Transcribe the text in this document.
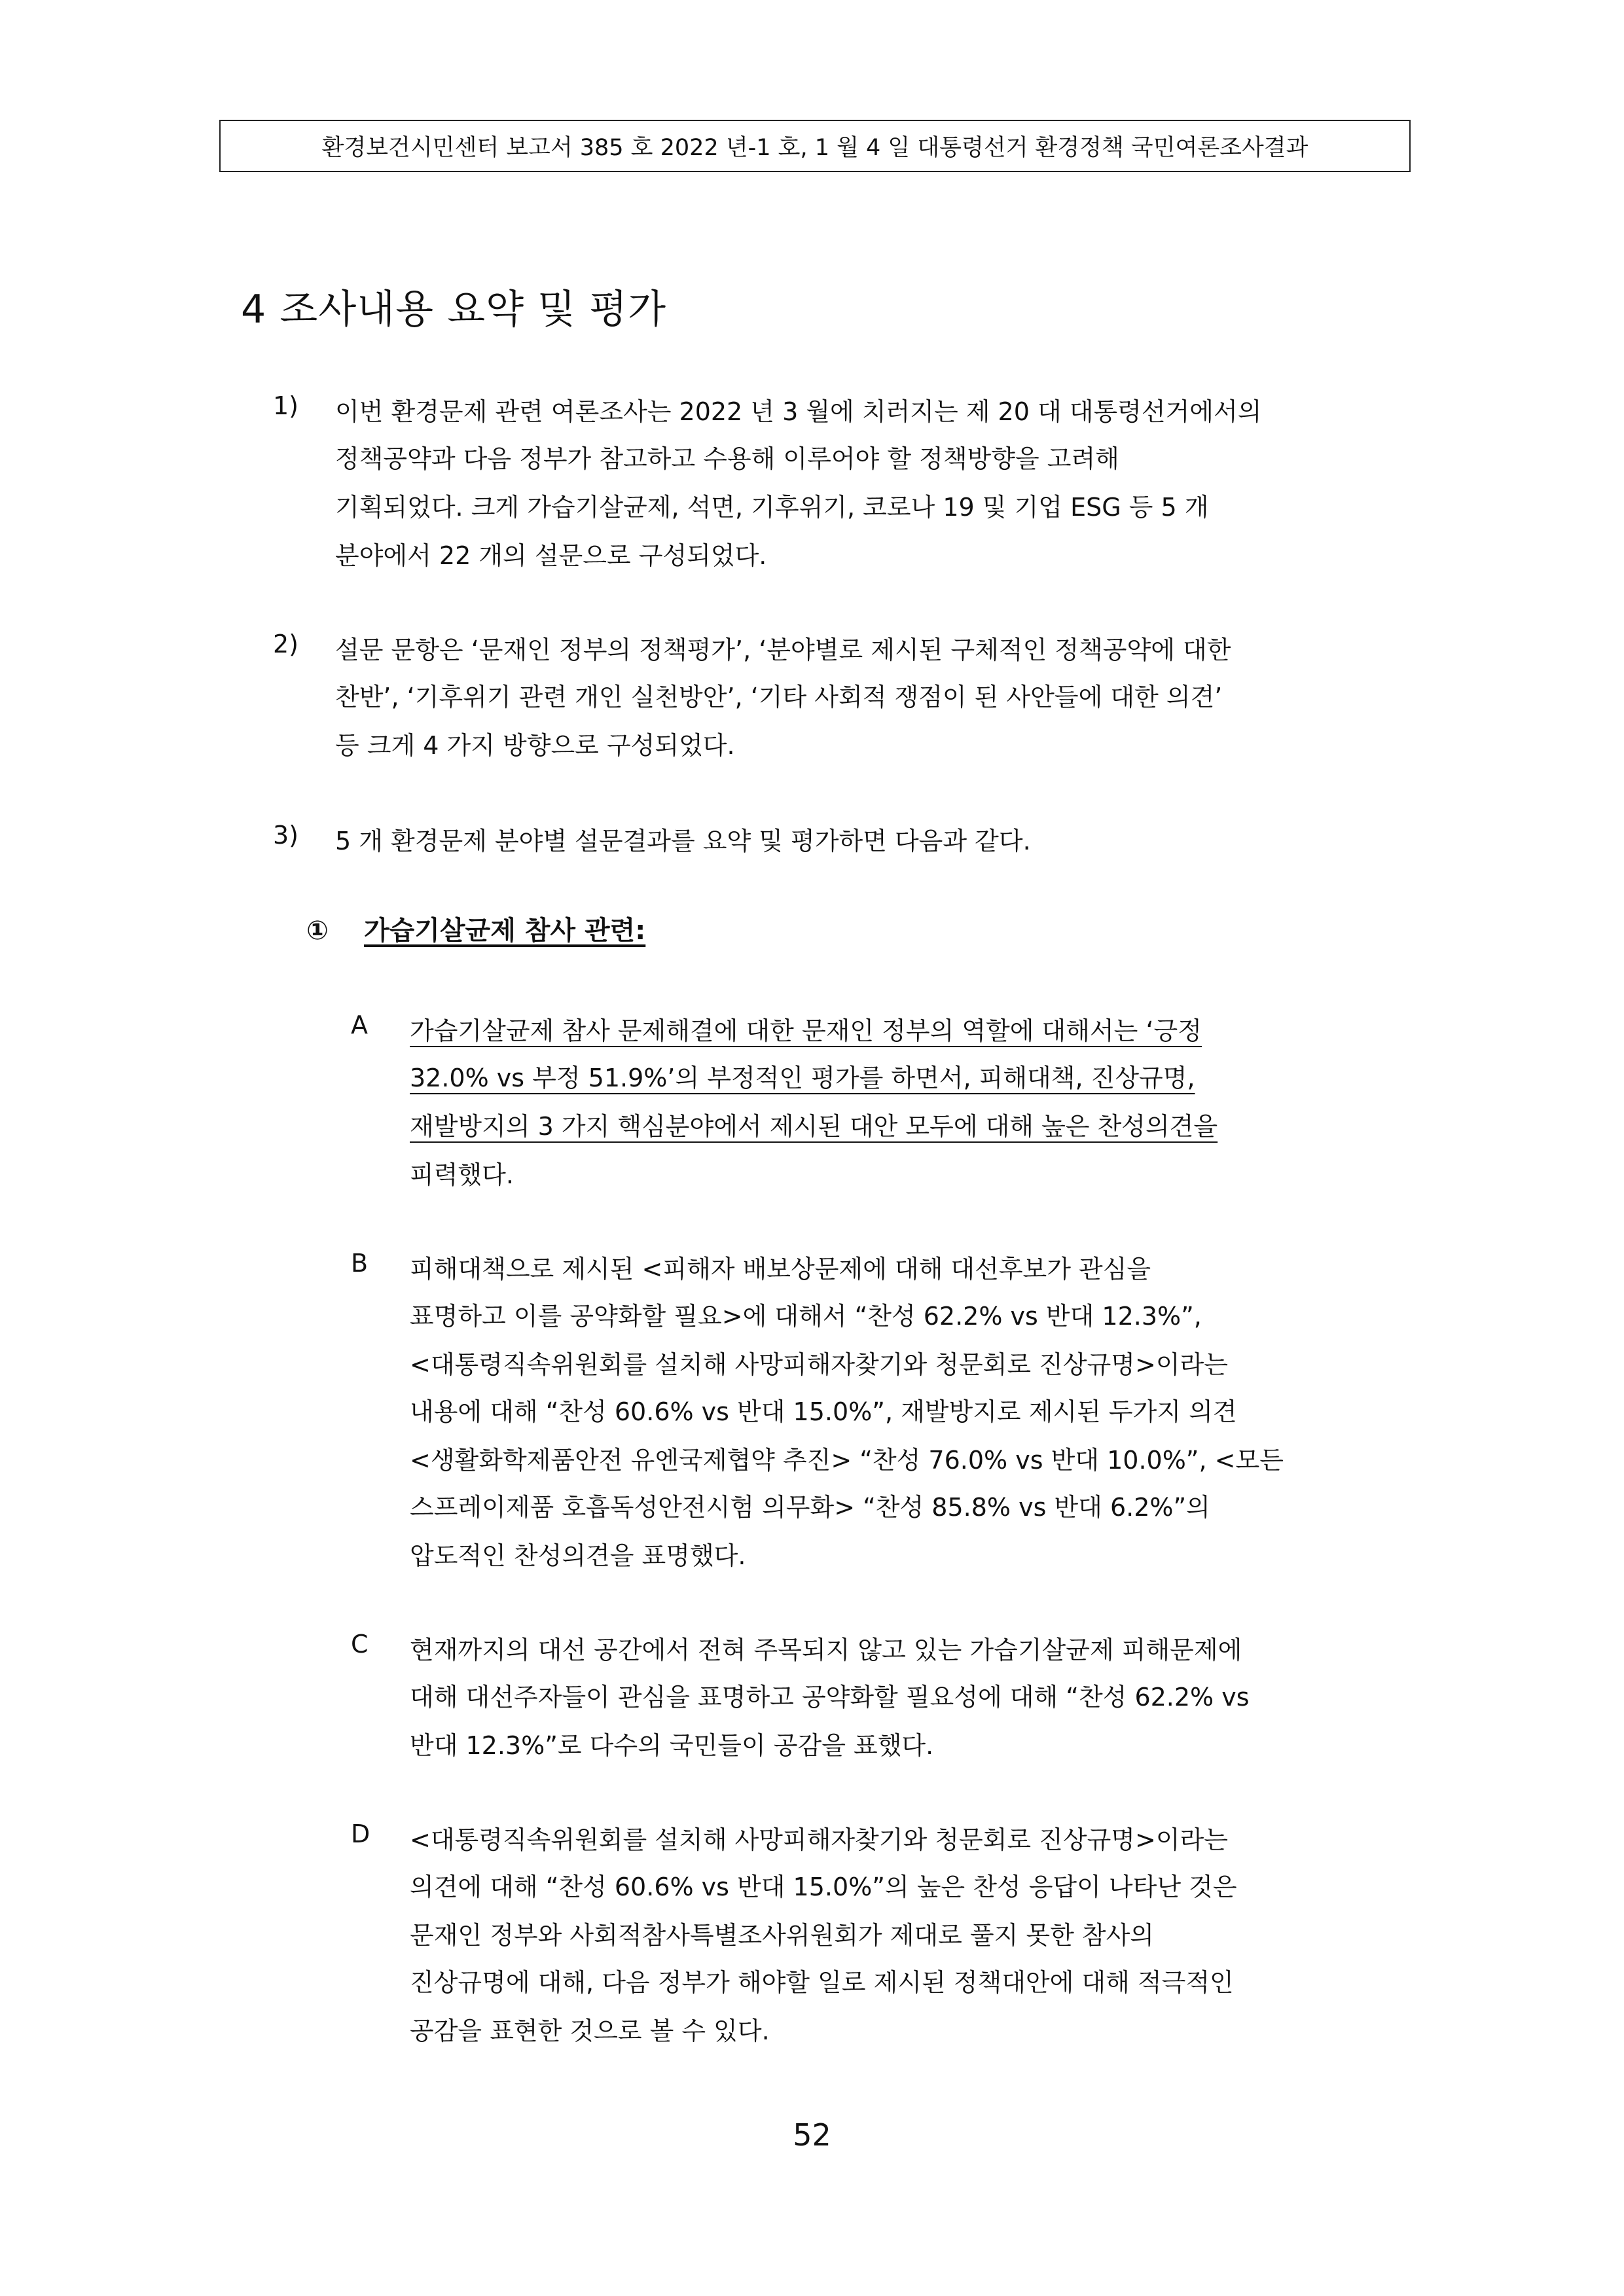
환경보건시민센터 보고서 385 호 2022 년-1 호, 1 월 4 일 대통령선거 환경정책 국민여론조사결과
4 조사내용 요약 및 평가
1) 이번 환경문제 관련 여론조사는 2022 년 3 월에 치러지는 제 20 대 대통령선거에서의
정책공약과 다음 정부가 참고하고 수용해 이루어야 할 정책방향을 고려해
기획되었다. 크게 가습기살균제, 석면, 기후위기, 코로나 19 및 기업 ESG 등 5 개
분야에서 22 개의 설문으로 구성되었다.
2) 설문 문항은 ‘문재인 정부의 정책평가’, ‘분야별로 제시된 구체적인 정책공약에 대한
찬반’, ‘기후위기 관련 개인 실천방안’, ‘기타 사회적 쟁점이 된 사안들에 대한 의견’
등 크게 4 가지 방향으로 구성되었다.
3) 5 개 환경문제 분야별 설문결과를 요약 및 평가하면 다음과 같다.
① 가습기살균제 참사 관련:
A 가습기살균제 참사 문제해결에 대한 문재인 정부의 역할에 대해서는 ‘긍정
32.0% vs 부정 51.9%’의 부정적인 평가를 하면서, 피해대책, 진상규명,
재발방지의 3 가지 핵심분야에서 제시된 대안 모두에 대해 높은 찬성의견을
피력했다.
B 피해대책으로 제시된 <피해자 배보상문제에 대해 대선후보가 관심을
표명하고 이를 공약화할 필요>에 대해서 “찬성 62.2% vs 반대 12.3%”,
<대통령직속위원회를 설치해 사망피해자찾기와 청문회로 진상규명>이라는
내용에 대해 “찬성 60.6% vs 반대 15.0%”, 재발방지로 제시된 두가지 의견
<생활화학제품안전 유엔국제협약 추진> “찬성 76.0% vs 반대 10.0%”, <모든
스프레이제품 호흡독성안전시험 의무화> “찬성 85.8% vs 반대 6.2%”의
압도적인 찬성의견을 표명했다.
C 현재까지의 대선 공간에서 전혀 주목되지 않고 있는 가습기살균제 피해문제에
대해 대선주자들이 관심을 표명하고 공약화할 필요성에 대해 “찬성 62.2% vs
반대 12.3%”로 다수의 국민들이 공감을 표했다.
D <대통령직속위원회를 설치해 사망피해자찾기와 청문회로 진상규명>이라는
의견에 대해 “찬성 60.6% vs 반대 15.0%”의 높은 찬성 응답이 나타난 것은
문재인 정부와 사회적참사특별조사위원회가 제대로 풀지 못한 참사의
진상규명에 대해, 다음 정부가 해야할 일로 제시된 정책대안에 대해 적극적인
공감을 표현한 것으로 볼 수 있다.
52
